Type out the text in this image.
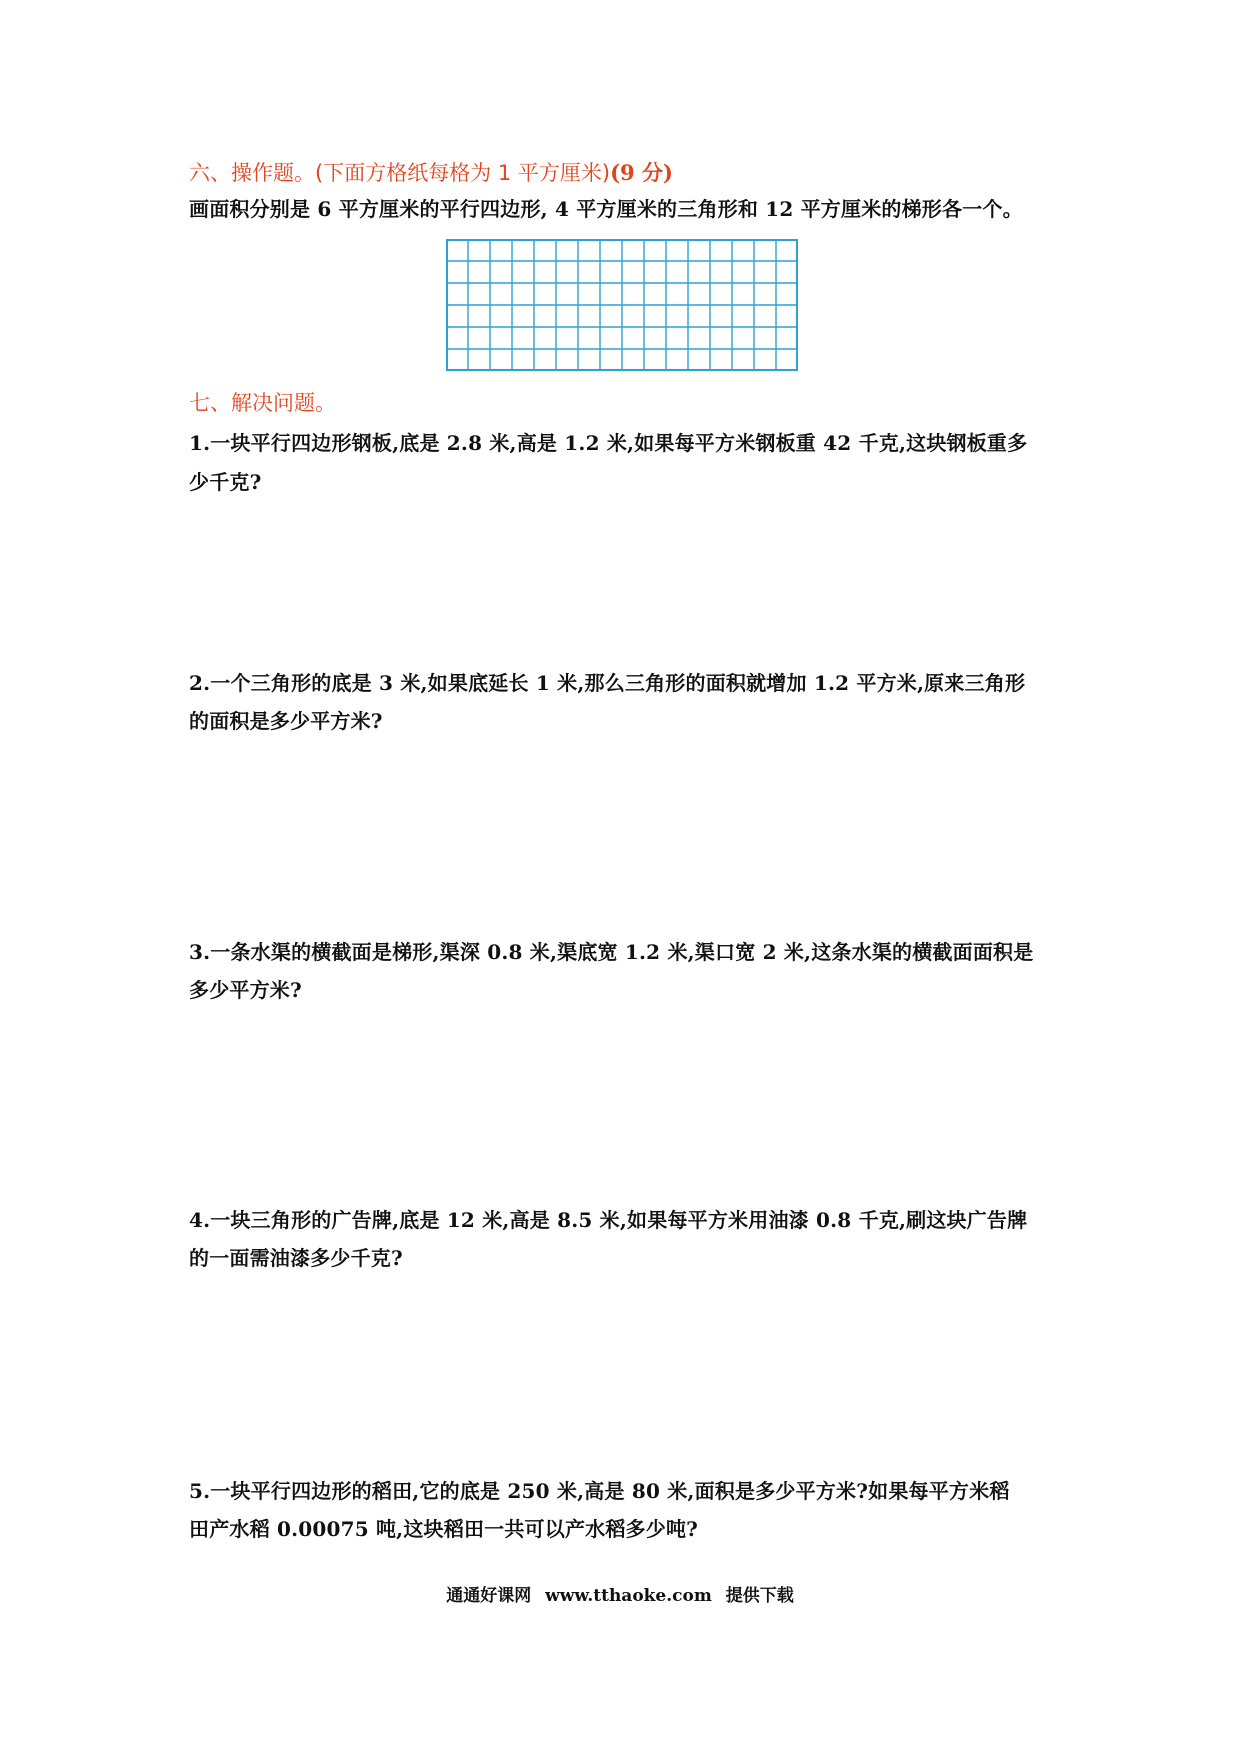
六、操作题。(下面方格纸每格为 1 平方厘米)(9 分)
画面积分别是 6 平方厘米的平行四边形, 4 平方厘米的三角形和 12 平方厘米的梯形各一个。
七、解决问题。
1.一块平行四边形钢板,底是 2.8 米,高是 1.2 米,如果每平方米钢板重 42 千克,这块钢板重多
少千克?
2.一个三角形的底是 3 米,如果底延长 1 米,那么三角形的面积就增加 1.2 平方米,原来三角形
的面积是多少平方米?
3.一条水渠的横截面是梯形,渠深 0.8 米,渠底宽 1.2 米,渠口宽 2 米,这条水渠的横截面面积是
多少平方米?
4.一块三角形的广告牌,底是 12 米,高是 8.5 米,如果每平方米用油漆 0.8 千克,刷这块广告牌
的一面需油漆多少千克?
5.一块平行四边形的稻田,它的底是 250 米,高是 80 米,面积是多少平方米?如果每平方米稻
田产水稻 0.00075 吨,这块稻田一共可以产水稻多少吨?
通通好课网 www.tthaoke.com 提供下载
